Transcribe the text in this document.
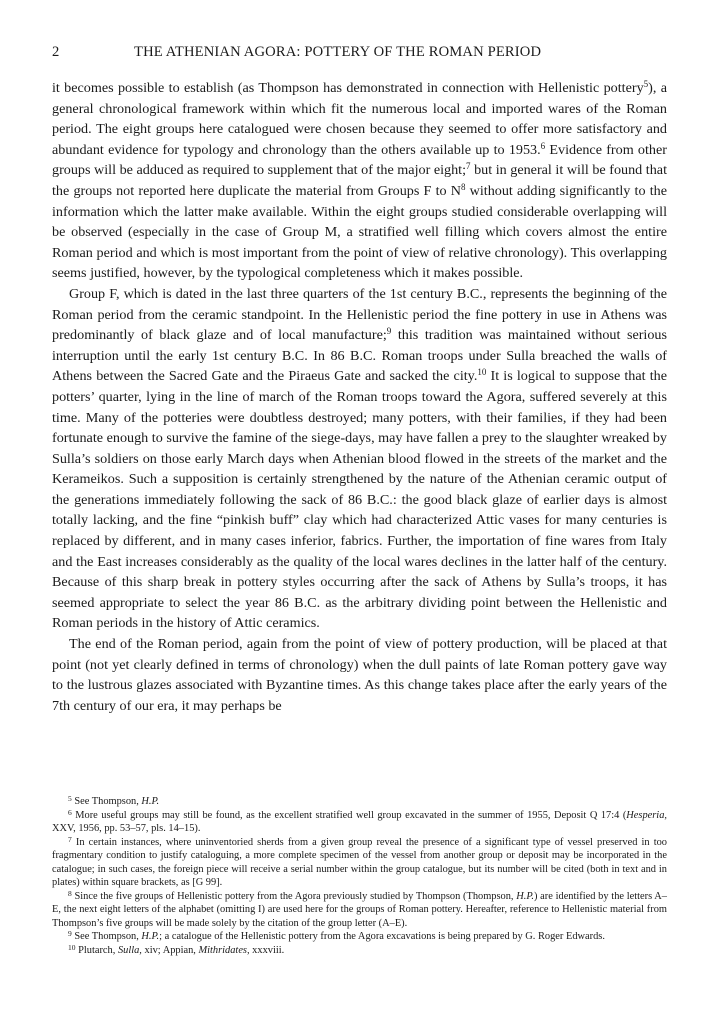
2	THE ATHENIAN AGORA: POTTERY OF THE ROMAN PERIOD

it becomes possible to establish (as Thompson has demonstrated in connection with Hellenistic pottery$^5$), a general chronological framework within which fit the numerous local and imported wares of the Roman period. The eight groups here catalogued were chosen because they seemed to offer more satisfactory and abundant evidence for typology and chronology than the others available up to 1953.$^6$ Evidence from other groups will be adduced as required to supplement that of the major eight;$^7$ but in general it will be found that the groups not reported here duplicate the material from Groups F to $N^8$ without adding significantly to the information which the latter make available. Within the eight groups studied considerable overlapping will be observed (especially in the case of Group M, a stratified well filling which covers almost the entire Roman period and which is most important from the point of view of relative chronology). This overlapping seems justified, however, by the typological completeness which it makes possible.

Group F, which is dated in the last three quarters of the 1st century B.C., represents the beginning of the Roman period from the ceramic standpoint. In the Hellenistic period the fine pottery in use in Athens was predominantly of black glaze and of local manufacture;$^9$ this tradition was maintained without serious interruption until the early 1st century B.C. In 86 B.C. Roman troops under Sulla breached the walls of Athens between the Sacred Gate and the Piraeus Gate and sacked the city.$^{10}$ It is logical to suppose that the potters’ quarter, lying in the line of march of the Roman troops toward the Agora, suffered severely at this time. Many of the potteries were doubtless destroyed; many potters, with their families, if they had been fortunate enough to survive the famine of the siege-days, may have fallen a prey to the slaughter wreaked by Sulla’s soldiers on those early March days when Athenian blood flowed in the streets of the market and the Kerameikos. Such a supposition is certainly strengthened by the nature of the Athenian ceramic output of the generations immediately following the sack of 86 B.C.: the good black glaze of earlier days is almost totally lacking, and the fine “pinkish buff” clay which had characterized Attic vases for many centuries is replaced by different, and in many cases inferior, fabrics. Further, the importation of fine wares from Italy and the East increases considerably as the quality of the local wares declines in the latter half of the century. Because of this sharp break in pottery styles occurring after the sack of Athens by Sulla’s troops, it has seemed appropriate to select the year 86 B.C. as the arbitrary dividing point between the Hellenistic and Roman periods in the history of Attic ceramics.

The end of the Roman period, again from the point of view of pottery production, will be placed at that point (not yet clearly defined in terms of chronology) when the dull paints of late Roman pottery gave way to the lustrous glazes associated with Byzantine times. As this change takes place after the early years of the 7th century of our era, it may perhaps be

$^5$ See Thompson, H.P.

$^6$ More useful groups may still be found, as the excellent stratified well group excavated in the summer of 1955, Deposit Q 17:4 (Hesperia, XXV, 1956, pp. 53–57, pls. 14–15).

$^7$ In certain instances, where uninventoried sherds from a given group reveal the presence of a significant type of vessel preserved in too fragmentary condition to justify cataloguing, a more complete specimen of the vessel from another group or deposit may be incorporated in the catalogue; in such cases, the foreign piece will receive a serial number within the group catalogue, but its number will be cited (both in text and in plates) within square brackets, as [G 99].

$^8$ Since the five groups of Hellenistic pottery from the Agora previously studied by Thompson (Thompson, H.P.) are identified by the letters A–E, the next eight letters of the alphabet (omitting I) are used here for the groups of Roman pottery. Hereafter, reference to Hellenistic material from Thompson’s five groups will be made solely by the citation of the group letter (A–E).

$^9$ See Thompson, H.P.; a catalogue of the Hellenistic pottery from the Agora excavations is being prepared by G. Roger Edwards.

$^{10}$ Plutarch, Sulla, xiv; Appian, Mithridates, xxxviii.
